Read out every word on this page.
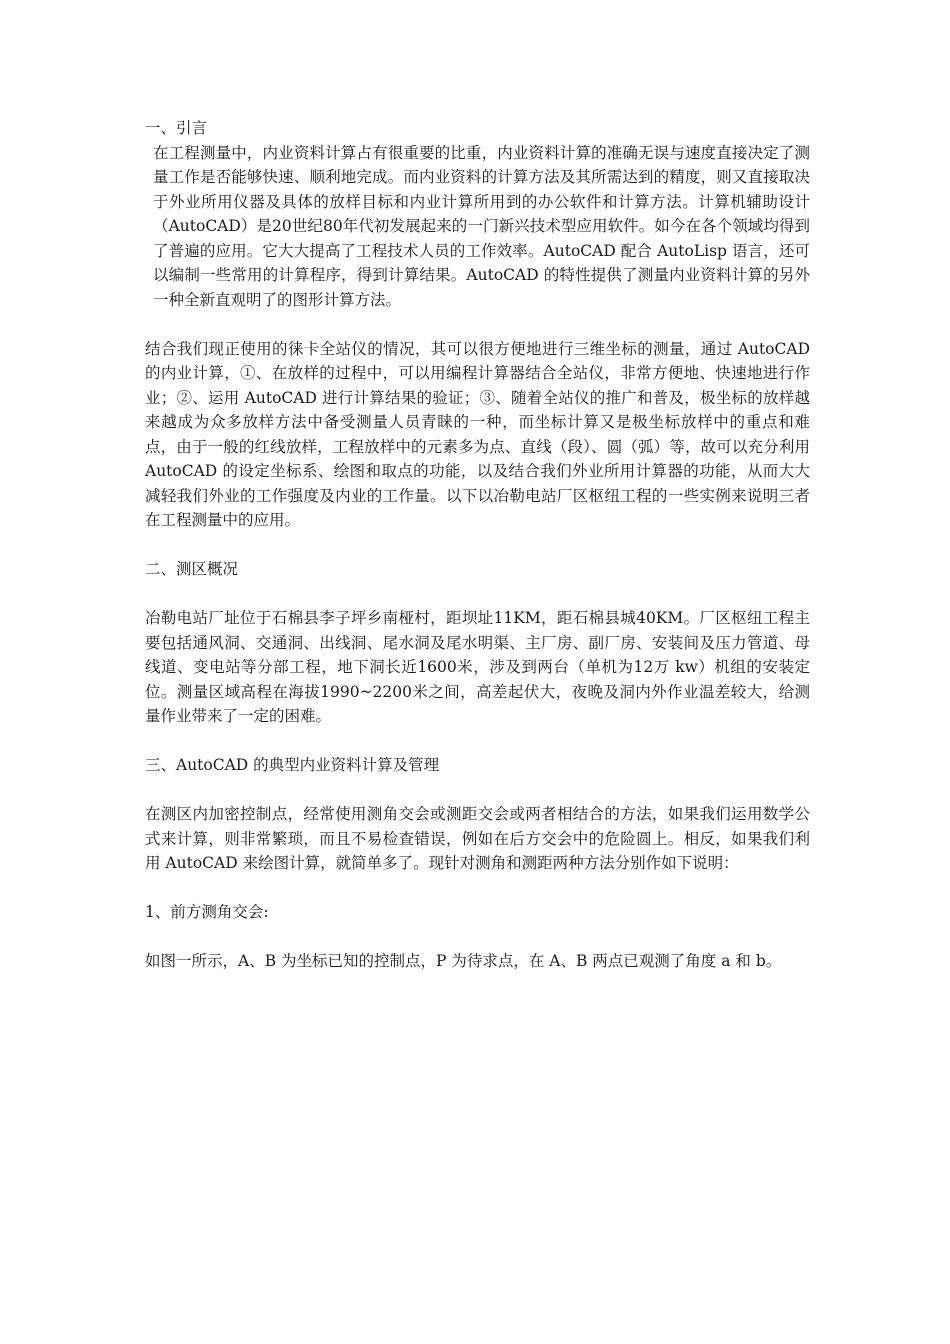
一、引言

在工程测量中，内业资料计算占有很重要的比重，内业资料计算的准确无误与速度直接决定了测量工作是否能够快速、顺利地完成。而内业资料的计算方法及其所需达到的精度，则又直接取决于外业所用仪器及具体的放样目标和内业计算所用到的办公软件和计算方法。计算机辅助设计（AutoCAD）是20世纪80年代初发展起来的一门新兴技术型应用软件。如今在各个领域均得到了普遍的应用。它大大提高了工程技术人员的工作效率。AutoCAD 配合 AutoLisp 语言，还可以编制一些常用的计算程序，得到计算结果。AutoCAD 的特性提供了测量内业资料计算的另外一种全新直观明了的图形计算方法。

结合我们现正使用的徕卡全站仪的情况，其可以很方便地进行三维坐标的测量，通过 AutoCAD 的内业计算，①、在放样的过程中，可以用编程计算器结合全站仪，非常方便地、快速地进行作业；②、运用 AutoCAD 进行计算结果的验证；③、随着全站仪的推广和普及，极坐标的放样越来越成为众多放样方法中备受测量人员青睐的一种，而坐标计算又是极坐标放样中的重点和难点，由于一般的红线放样，工程放样中的元素多为点、直线（段）、圆（弧）等，故可以充分利用 AutoCAD 的设定坐标系、绘图和取点的功能，以及结合我们外业所用计算器的功能，从而大大减轻我们外业的工作强度及内业的工作量。以下以冶勒电站厂区枢纽工程的一些实例来说明三者在工程测量中的应用。

二、测区概况

冶勒电站厂址位于石棉县李子坪乡南桠村，距坝址11KM，距石棉县城40KM。厂区枢纽工程主要包括通风洞、交通洞、出线洞、尾水洞及尾水明渠、主厂房、副厂房、安装间及压力管道、母线道、变电站等分部工程，地下洞长近1600米，涉及到两台（单机为12万 kw）机组的安装定位。测量区域高程在海拔1990~2200米之间，高差起伏大，夜晚及洞内外作业温差较大，给测量作业带来了一定的困难。

三、AutoCAD 的典型内业资料计算及管理

在测区内加密控制点，经常使用测角交会或测距交会或两者相结合的方法，如果我们运用数学公式来计算，则非常繁琐，而且不易检查错误，例如在后方交会中的危险圆上。相反，如果我们利用 AutoCAD 来绘图计算，就简单多了。现针对测角和测距两种方法分别作如下说明：

1、前方测角交会:

如图一所示，A、B 为坐标已知的控制点，P 为待求点，在 A、B 两点已观测了角度 a 和 b。
